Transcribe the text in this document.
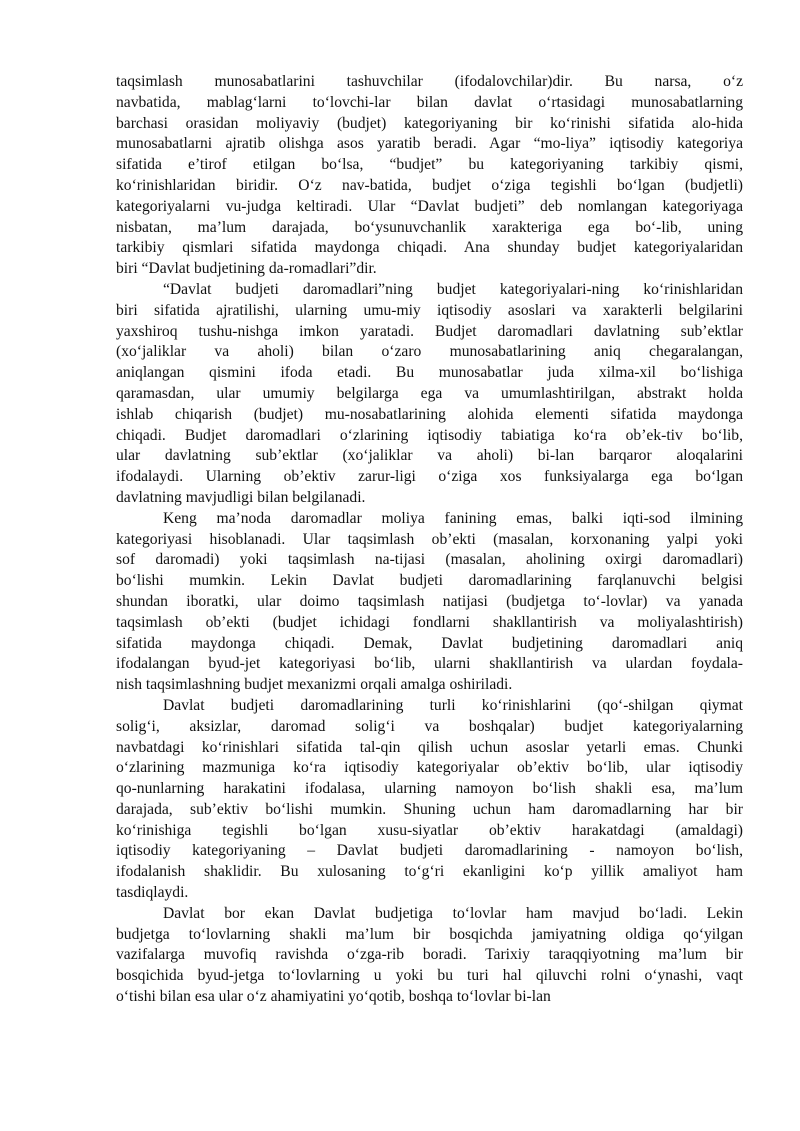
taqsimlash munosabatlarini tashuvchilar (ifodalovchilar)dir. Bu narsa, o‘z
navbatida, mablag‘larni to‘lovchi-lar bilan davlat o‘rtasidagi munosabatlarning
barchasi orasidan moliyaviy (budjet) kategoriyaning bir ko‘rinishi sifatida alo-hida
munosabatlarni ajratib olishga asos yaratib beradi. Agar “mo-liya” iqtisodiy kategoriya
sifatida e’tirof etilgan bo‘lsa, “budjet” bu kategoriyaning tarkibiy qismi,
ko‘rinishlaridan biridir. O‘z nav-batida, budjet o‘ziga tegishli bo‘lgan (budjetli)
kategoriyalarni vu-judga keltiradi. Ular “Davlat budjeti” deb nomlangan kategoriyaga
nisbatan, ma’lum darajada, bo‘ysunuvchanlik xarakteriga ega bo‘-lib, uning
tarkibiy qismlari sifatida maydonga chiqadi. Ana shunday budjet kategoriyalaridan
biri “Davlat budjetining da-romadlari”dir.
“Davlat budjeti daromadlari”ning budjet kategoriyalari-ning ko‘rinishlaridan
biri sifatida ajratilishi, ularning umu-miy iqtisodiy asoslari va xarakterli belgilarini
yaxshiroq tushu-nishga imkon yaratadi. Budjet daromadlari davlatning sub’ektlar
(xo‘jaliklar va aholi) bilan o‘zaro munosabatlarining aniq chegaralangan,
aniqlangan qismini ifoda etadi. Bu munosabatlar juda xilma-xil bo‘lishiga
qaramasdan, ular umumiy belgilarga ega va umumlashtirilgan, abstrakt holda
ishlab chiqarish (budjet) mu-nosabatlarining alohida elementi sifatida maydonga
chiqadi. Budjet daromadlari o‘zlarining iqtisodiy tabiatiga ko‘ra ob’ek-tiv bo‘lib,
ular davlatning sub’ektlar (xo‘jaliklar va aholi) bi-lan barqaror aloqalarini
ifodalaydi. Ularning ob’ektiv zarur-ligi o‘ziga xos funksiyalarga ega bo‘lgan
davlatning mavjudligi bilan belgilanadi.
Keng ma’noda daromadlar moliya fanining emas, balki iqti-sod ilmining
kategoriyasi hisoblanadi. Ular taqsimlash ob’ekti (masalan, korxonaning yalpi yoki
sof daromadi) yoki taqsimlash na-tijasi (masalan, aholining oxirgi daromadlari)
bo‘lishi mumkin. Lekin Davlat budjeti daromadlarining farqlanuvchi belgisi
shundan iboratki, ular doimo taqsimlash natijasi (budjetga to‘-lovlar) va yanada
taqsimlash ob’ekti (budjet ichidagi fondlarni shakllantirish va moliyalashtirish)
sifatida maydonga chiqadi. Demak, Davlat budjetining daromadlari aniq
ifodalangan byud-jet kategoriyasi bo‘lib, ularni shakllantirish va ulardan foydala-
nish taqsimlashning budjet mexanizmi orqali amalga oshiriladi.
Davlat budjeti daromadlarining turli ko‘rinishlarini (qo‘-shilgan qiymat
solig‘i, aksizlar, daromad solig‘i va boshqalar) budjet kategoriyalarning
navbatdagi ko‘rinishlari sifatida tal-qin qilish uchun asoslar yetarli emas. Chunki
o‘zlarining mazmuniga ko‘ra iqtisodiy kategoriyalar ob’ektiv bo‘lib, ular iqtisodiy
qo-nunlarning harakatini ifodalasa, ularning namoyon bo‘lish shakli esa, ma’lum
darajada, sub’ektiv bo‘lishi mumkin. Shuning uchun ham daromadlarning har bir
ko‘rinishiga tegishli bo‘lgan xusu-siyatlar ob’ektiv harakatdagi (amaldagi)
iqtisodiy kategoriyaning – Davlat budjeti daromadlarining - namoyon bo‘lish,
ifodalanish shaklidir. Bu xulosaning to‘g‘ri ekanligini ko‘p yillik amaliyot ham
tasdiqlaydi.
Davlat bor ekan Davlat budjetiga to‘lovlar ham mavjud bo‘ladi. Lekin
budjetga to‘lovlarning shakli ma’lum bir bosqichda jamiyatning oldiga qo‘yilgan
vazifalarga muvofiq ravishda o‘zga-rib boradi. Tarixiy taraqqiyotning ma’lum bir
bosqichida byud-jetga to‘lovlarning u yoki bu turi hal qiluvchi rolni o‘ynashi, vaqt
o‘tishi bilan esa ular o‘z ahamiyatini yo‘qotib, boshqa to‘lovlar bi-lan
